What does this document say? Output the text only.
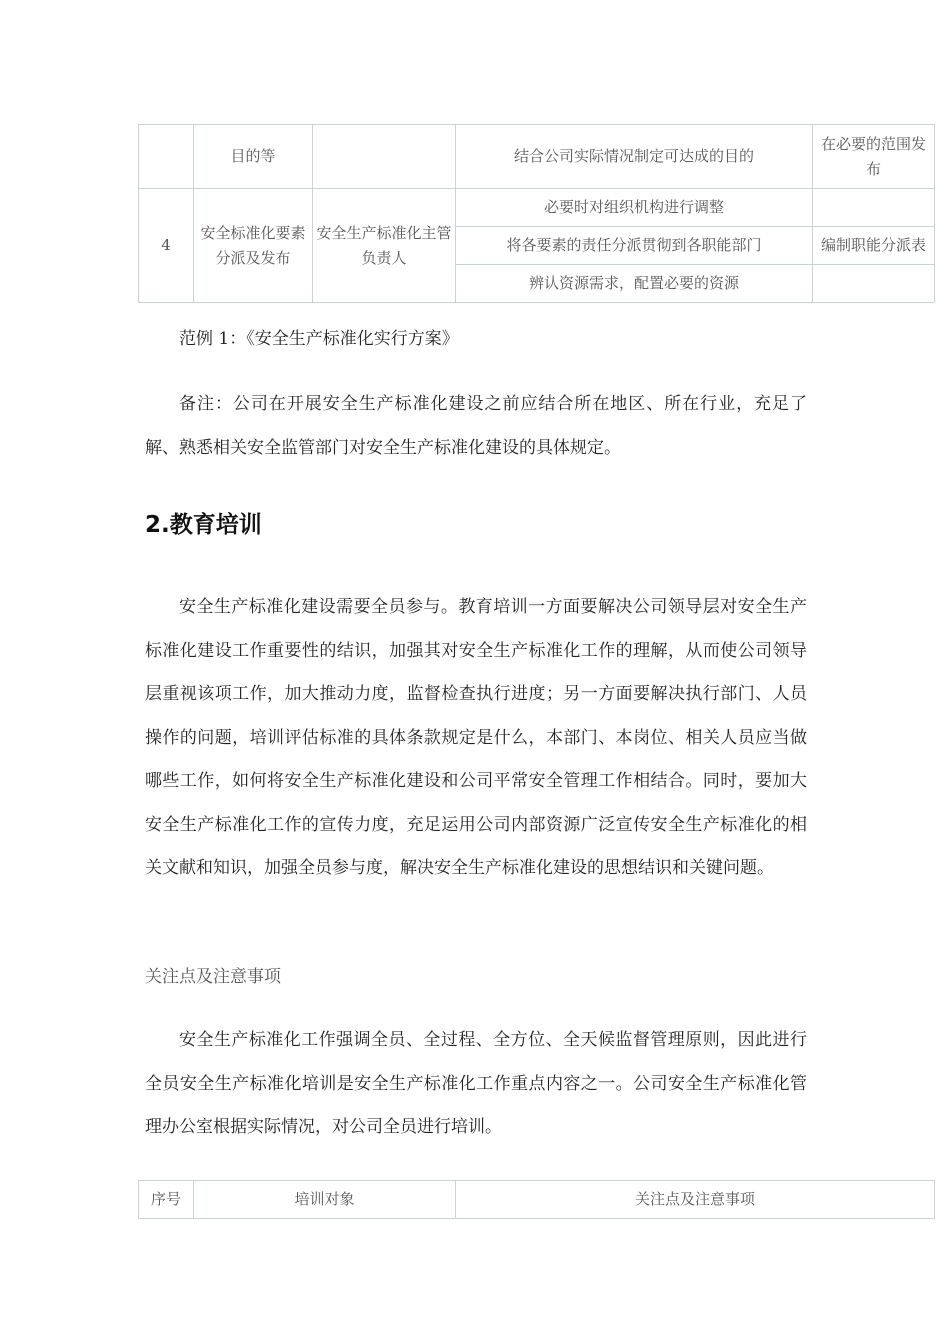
	目的等		结合公司实际情况制定可达成的目的	在必要的范围发布
4	安全标准化要素分派及发布	安全生产标准化主管负责人	必要时对组织机构进行调整	
			将各要素的责任分派贯彻到各职能部门	编制职能分派表
			辨认资源需求，配置必要的资源	

范例 1：《安全生产标准化实行方案》

备注：公司在开展安全生产标准化建设之前应结合所在地区、所在行业，充足了解、熟悉相关安全监管部门对安全生产标准化建设的具体规定。

2.教育培训

安全生产标准化建设需要全员参与。教育培训一方面要解决公司领导层对安全生产标准化建设工作重要性的结识，加强其对安全生产标准化工作的理解，从而使公司领导层重视该项工作，加大推动力度，监督检查执行进度；另一方面要解决执行部门、人员操作的问题，培训评估标准的具体条款规定是什么，本部门、本岗位、相关人员应当做哪些工作，如何将安全生产标准化建设和公司平常安全管理工作相结合。同时，要加大安全生产标准化工作的宣传力度，充足运用公司内部资源广泛宣传安全生产标准化的相关文献和知识，加强全员参与度，解决安全生产标准化建设的思想结识和关键问题。

关注点及注意事项

安全生产标准化工作强调全员、全过程、全方位、全天候监督管理原则，因此进行全员安全生产标准化培训是安全生产标准化工作重点内容之一。公司安全生产标准化管理办公室根据实际情况，对公司全员进行培训。

序号	培训对象	关注点及注意事项
